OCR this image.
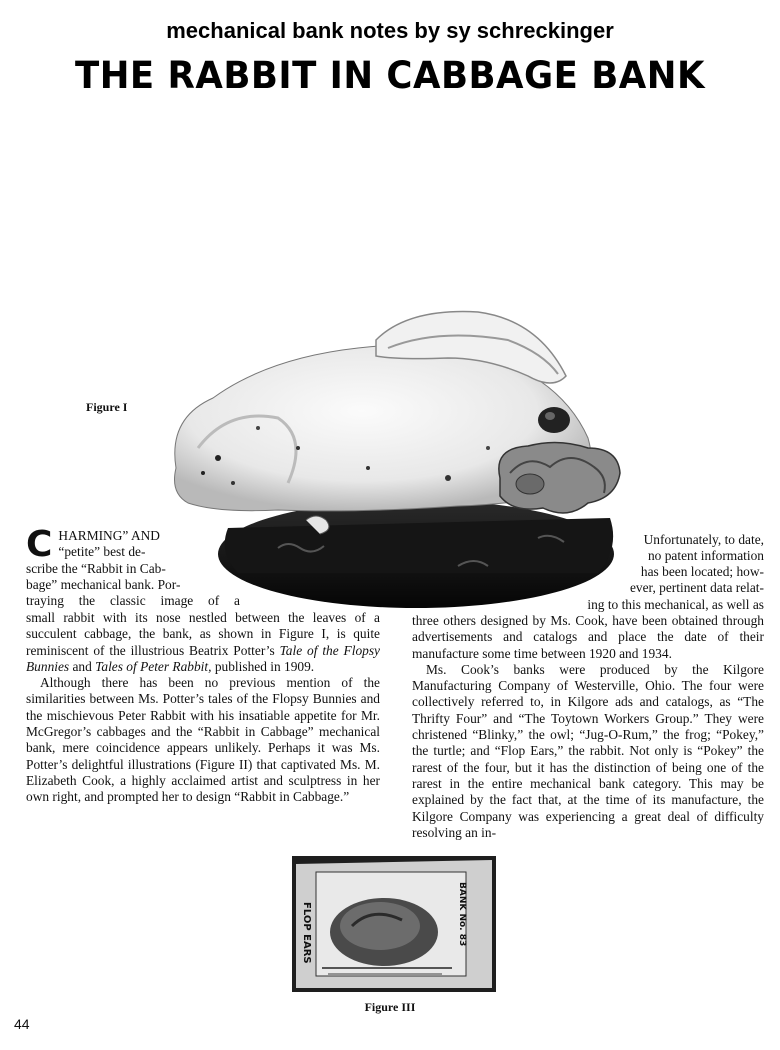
mechanical bank notes by sy schreckinger
THE RABBIT IN CABBAGE BANK
Figure I
C HARMING” AND
“petite” best de-
scribe the “Rabbit in Cab-
bage” mechanical bank. Por-
traying the classic image of a

small rabbit with its nose nestled between the leaves of a succulent cabbage, the bank, as shown in Figure I, is quite reminiscent of the illustrious Beatrix Potter’s Tale of the Flopsy Bunnies and Tales of Peter Rabbit, published in 1909.

Although there has been no previous mention of the similarities between Ms. Potter’s tales of the Flopsy Bunnies and the mischievous Peter Rabbit with his insatiable appetite for Mr. McGregor’s cabbages and the “Rabbit in Cabbage” mechanical bank, mere coincidence appears unlikely. Perhaps it was Ms. Potter’s delightful illustrations (Figure II) that captivated Ms. M. Elizabeth Cook, a highly acclaimed artist and sculptress in her own right, and prompted her to design “Rabbit in Cabbage.”

Unfortunately, to date,
no patent information
has been located; how-
ever, pertinent data relat-
ing to this mechanical, as well as

three others designed by Ms. Cook, have been obtained through advertisements and catalogs and place the date of their manufacture some time between 1920 and 1934.

Ms. Cook’s banks were produced by the Kilgore Manufacturing Company of Westerville, Ohio. The four were collectively referred to, in Kilgore ads and catalogs, as “The Thrifty Four” and “The Toytown Workers Group.” They were christened “Blinky,” the owl; “Jug-O-Rum,” the frog; “Pokey,” the turtle; and “Flop Ears,” the rabbit. Not only is “Pokey” the rarest of the four, but it has the distinction of being one of the rarest in the entire mechanical bank category. This may be explained by the fact that, at the time of its manufacture, the Kilgore Company was experiencing a great deal of difficulty resolving an in-

FLOP EARS	BANK No. 83
Figure III
44
